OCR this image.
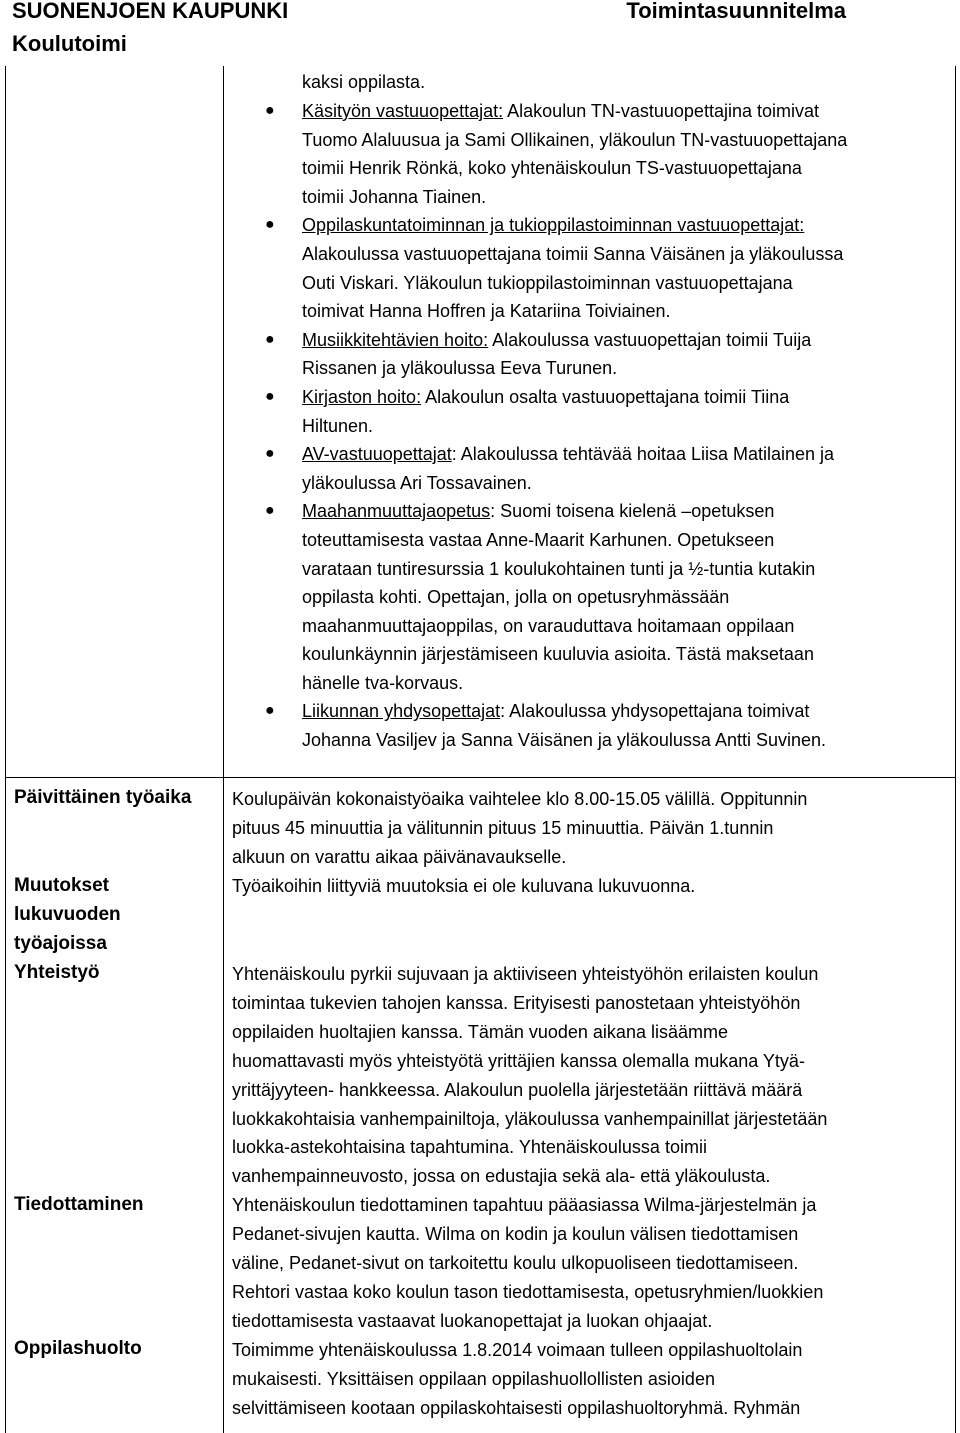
SUONENJOEN KAUPUNKI
Koulutoimi
Toimintasuunnitelma
kaksi oppilasta.
● Käsityön vastuuopettajat: Alakoulun TN-vastuuopettajina toimivat
Tuomo Alaluusua ja Sami Ollikainen, yläkoulun TN-vastuuopettajana
toimii Henrik Rönkä, koko yhtenäiskoulun TS-vastuuopettajana
toimii Johanna Tiainen.
● Oppilaskuntatoiminnan ja tukioppilastoiminnan vastuuopettajat:
Alakoulussa vastuuopettajana toimii Sanna Väisänen ja yläkoulussa
Outi Viskari. Yläkoulun tukioppilastoiminnan vastuuopettajana
toimivat Hanna Hoffren ja Katariina Toiviainen.
● Musiikkitehtävien hoito: Alakoulussa vastuuopettajan toimii Tuija
Rissanen ja yläkoulussa Eeva Turunen.
● Kirjaston hoito: Alakoulun osalta vastuuopettajana toimii Tiina
Hiltunen.
● AV-vastuuopettajat: Alakoulussa tehtävää hoitaa Liisa Matilainen ja
yläkoulussa Ari Tossavainen.
● Maahanmuuttajaopetus: Suomi toisena kielenä –opetuksen
toteuttamisesta vastaa Anne-Maarit Karhunen. Opetukseen
varataan tuntiresurssia 1 koulukohtainen tunti ja ½-tuntia kutakin
oppilasta kohti. Opettajan, jolla on opetusryhmässään
maahanmuuttajaoppilas, on varauduttava hoitamaan oppilaan
koulunkäynnin järjestämiseen kuuluvia asioita. Tästä maksetaan
hänelle tva-korvaus.
● Liikunnan yhdysopettajat: Alakoulussa yhdysopettajana toimivat
Johanna Vasiljev ja Sanna Väisänen ja yläkoulussa Antti Suvinen.
Päivittäinen työaika
Muutokset
lukuvuoden
työajoissa
Yhteistyö
Tiedottaminen
Oppilashuolto
Koulupäivän kokonaistyöaika vaihtelee klo 8.00-15.05 välillä. Oppitunnin
pituus 45 minuuttia ja välitunnin pituus 15 minuuttia. Päivän 1.tunnin
alkuun on varattu aikaa päivänavaukselle.
Työaikoihin liittyviä muutoksia ei ole kuluvana lukuvuonna.
Yhtenäiskoulu pyrkii sujuvaan ja aktiiviseen yhteistyöhön erilaisten koulun
toimintaa tukevien tahojen kanssa. Erityisesti panostetaan yhteistyöhön
oppilaiden huoltajien kanssa. Tämän vuoden aikana lisäämme
huomattavasti myös yhteistyötä yrittäjien kanssa olemalla mukana Ytyä-
yrittäjyyteen- hankkeessa. Alakoulun puolella järjestetään riittävä määrä
luokkakohtaisia vanhempainiltoja, yläkoulussa vanhempainillat järjestetään
luokka-astekohtaisina tapahtumina. Yhtenäiskoulussa toimii
vanhempainneuvosto, jossa on edustajia sekä ala- että yläkoulusta.
Yhtenäiskoulun tiedottaminen tapahtuu pääasiassa Wilma-järjestelmän ja
Pedanet-sivujen kautta. Wilma on kodin ja koulun välisen tiedottamisen
väline, Pedanet-sivut on tarkoitettu koulu ulkopuoliseen tiedottamiseen.
Rehtori vastaa koko koulun tason tiedottamisesta, opetusryhmien/luokkien
tiedottamisesta vastaavat luokanopettajat ja luokan ohjaajat.
Toimimme yhtenäiskoulussa 1.8.2014 voimaan tulleen oppilashuoltolain
mukaisesti. Yksittäisen oppilaan oppilashuollollisten asioiden
selvittämiseen kootaan oppilaskohtaisesti oppilashuoltoryhmä. Ryhmän
